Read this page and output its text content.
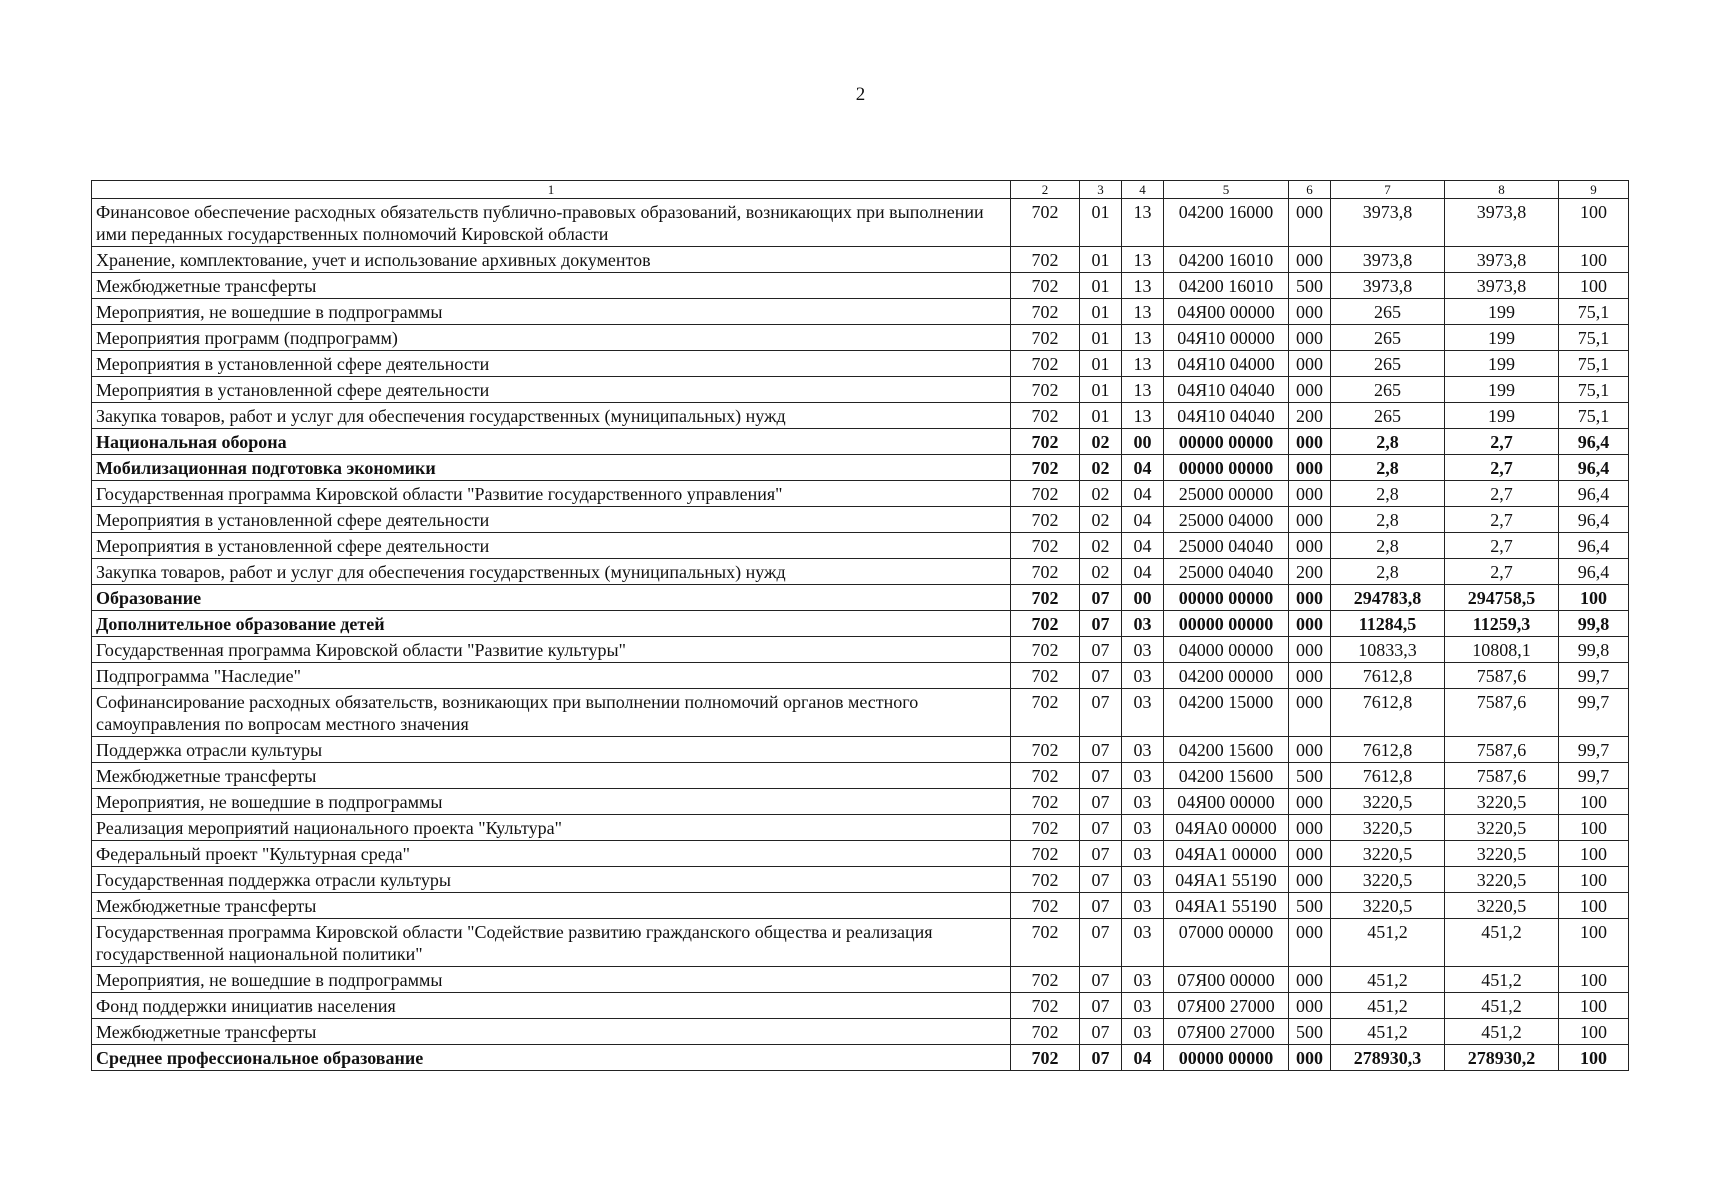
2
1	2	3	4	5	6	7	8	9
Финансовое обеспечение расходных обязательств публично-правовых образований, возникающих при выполнении ими переданных государственных полномочий Кировской области	702	01	13	04200 16000	000	3973,8	3973,8	100
Хранение, комплектование, учет и использование архивных документов	702	01	13	04200 16010	000	3973,8	3973,8	100
Межбюджетные трансферты	702	01	13	04200 16010	500	3973,8	3973,8	100
Мероприятия, не вошедшие в подпрограммы	702	01	13	04Я00 00000	000	265	199	75,1
Мероприятия программ (подпрограмм)	702	01	13	04Я10 00000	000	265	199	75,1
Мероприятия в установленной сфере деятельности	702	01	13	04Я10 04000	000	265	199	75,1
Мероприятия в установленной сфере деятельности	702	01	13	04Я10 04040	000	265	199	75,1
Закупка товаров, работ и услуг для обеспечения государственных (муниципальных) нужд	702	01	13	04Я10 04040	200	265	199	75,1
Национальная оборона	702	02	00	00000 00000	000	2,8	2,7	96,4
Мобилизационная подготовка экономики	702	02	04	00000 00000	000	2,8	2,7	96,4
Государственная программа Кировской области "Развитие государственного управления"	702	02	04	25000 00000	000	2,8	2,7	96,4
Мероприятия в установленной сфере деятельности	702	02	04	25000 04000	000	2,8	2,7	96,4
Мероприятия в установленной сфере деятельности	702	02	04	25000 04040	000	2,8	2,7	96,4
Закупка товаров, работ и услуг для обеспечения государственных (муниципальных) нужд	702	02	04	25000 04040	200	2,8	2,7	96,4
Образование	702	07	00	00000 00000	000	294783,8	294758,5	100
Дополнительное образование детей	702	07	03	00000 00000	000	11284,5	11259,3	99,8
Государственная программа Кировской области "Развитие культуры"	702	07	03	04000 00000	000	10833,3	10808,1	99,8
Подпрограмма "Наследие"	702	07	03	04200 00000	000	7612,8	7587,6	99,7
Софинансирование расходных обязательств, возникающих при выполнении полномочий органов местного самоуправления по вопросам местного значения	702	07	03	04200 15000	000	7612,8	7587,6	99,7
Поддержка отрасли культуры	702	07	03	04200 15600	000	7612,8	7587,6	99,7
Межбюджетные трансферты	702	07	03	04200 15600	500	7612,8	7587,6	99,7
Мероприятия, не вошедшие в подпрограммы	702	07	03	04Я00 00000	000	3220,5	3220,5	100
Реализация мероприятий национального проекта "Культура"	702	07	03	04ЯА0 00000	000	3220,5	3220,5	100
Федеральный проект "Культурная среда"	702	07	03	04ЯА1 00000	000	3220,5	3220,5	100
Государственная поддержка отрасли культуры	702	07	03	04ЯА1 55190	000	3220,5	3220,5	100
Межбюджетные трансферты	702	07	03	04ЯА1 55190	500	3220,5	3220,5	100
Государственная программа Кировской области "Содействие развитию гражданского общества и реализация государственной национальной политики"	702	07	03	07000 00000	000	451,2	451,2	100
Мероприятия, не вошедшие в подпрограммы	702	07	03	07Я00 00000	000	451,2	451,2	100
Фонд поддержки инициатив населения	702	07	03	07Я00 27000	000	451,2	451,2	100
Межбюджетные трансферты	702	07	03	07Я00 27000	500	451,2	451,2	100
Среднее профессиональное образование	702	07	04	00000 00000	000	278930,3	278930,2	100
